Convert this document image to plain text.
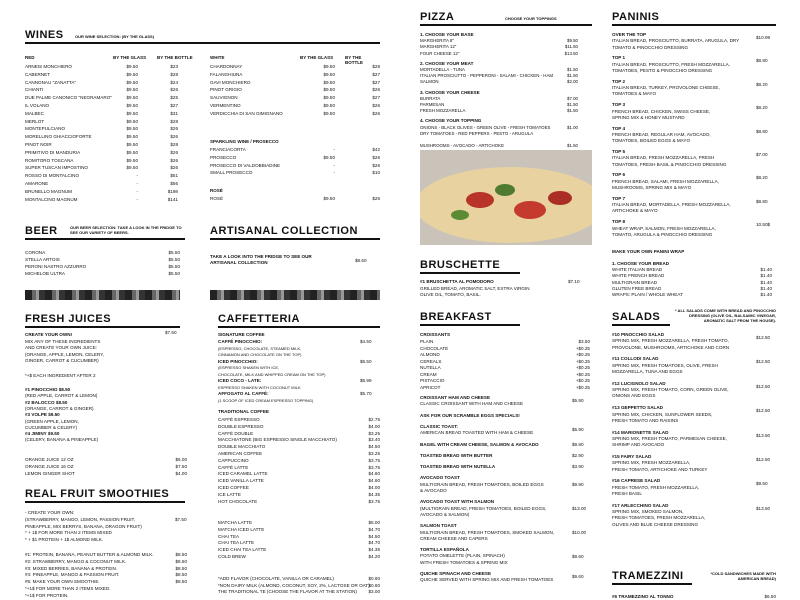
WINES	OUR WINE SELECTION: (BY THE GLASS)
RED	BY THE GLASS BY THE BOTTLE	WHITE	BY THE GLASS	BY THE BOTTLE
ARNEIS MONCHIERO	$9.50	$23
CABERNET	$9.50	$28
CANNONAU "ZANATTA"	$9.50	$24
CHIANTI	$9.50	$26
DUE PALME CANONICO "NEGRAMARO"	$9.50	$25
IL VOLANO	$9.50	$27
MALBEC	$9.50	$31
MERLOT	$9.50	$28
MONTEPULCIANO	$9.50	$26
MORELLINO GHIACCIOFORTE	$9.50	$26
PINOT NOIR	$9.50	$28
PRIMITIVO DI MANDURIA	$9.50	$26
ROMITORO TOSCANA	$9.50	$26
SUPER TUSCAN IMPOSTINO	$9.50	$26
ROSSO DI MONTALCINO	-	$51
AMARONE	-	$56
BRUNELLO MAGNUM	-	$198
MONTALCINO MAGNUM	-	$141
CHARDONNAY	$9.50	$28
FALANGHIUNA	$9.50	$27
GAVI MONCHIERO	$9.50	$27
PINOT GRIGIO	$9.50	$26
SAUVIGNON	$9.50	$27
VERMENTINO	$9.50	$26
VERDICCHIA DI SAN GIMIGNANO	$9.50	$26
SPARKLING WINE / PROSECCO
FRANCIACORTA	-	$42
PROSECCO	$9.50	$26
PROSECCO DI VALDOBBIADINE	-	$26
SMALL PROSECCO	-	$10
ROSÉ
ROSÉ	$9.50	$26
BEER	OUR BEER SELECTION: TAKE A LOOK IN THE FRIDGE TO SEE OUR VARIETY OF BEERS.
CORONA	$5.50
STELLA ARTOIS	$5.50
PERONI NASTRO AZZURRO	$5.50
MICHELOB ULTRA	$5.50
ARTISANAL COLLECTION
TAKE A LOOK INTO THE FRIDGE TO SEE OUR ARTISANAL COLLECTION	$8.50
FRESH JUICES
CREATE YOUR OWN!	$7.50
MIX ANY OF THESE INGREDIENTS
AND CREATE YOUR OWN JUICE:
(ORANGE, APPLE, LEMON, CELERY,
GINGER, CARROT & CUCUMBER)
*+$ EACH INGREDIENT AFTER 2
#1 PINOCCHIO $8.50
(RED APPLE, CARROT & LEMON)
#2 BALOCCO $8.50
(ORANGE, CARROT & GINGER)
#3 VOLPE $9.50
(GREEN APPLE, LEMON,
CUCUMBER & CELERY)
#4 JIMINY $9.50
(CELERY, BANANA & PINEAPPLE)
ORANGE JUICE 12 OZ	$6.00
ORANGE JUICE 16 OZ	$7.50
LEMON GINGER SHOT	$4.00
REAL FRUIT SMOOTHIES
- CREATE YOUR OWN:
$7.50
(STRAWBERRY, MANGO, LEMON, PASSION FRUIT,
PINEAPPLE, MIX BERRYS, BANANA, DRAGON FRUIT)
* + 1$ FOR MORE THAN 2 ITEMS MIXED
* + $1 PROTEIN + 1$ ALMOND MILK.
#1: PROTEIN, BANANA, PEANUT BUTTER & ALMOND MILK.	$8.50
#2: STRAWBERRY, MANGO & COCONUT MILK.	$8.50
#3: MIXED BERRIES, BANANA & PROTEIN.	$8.50
#4: PINEAPPLE, MANGO & PASSION FRUIT.	$8.50
#5: MAKE YOUR OWN SMOOTHIE.	$8.50
*+1$ FOR MORE THAN 2 ITEMS MIXED.
*+1$ FOR PROTEIN.
CAFFETTERIA
SIGNATURE COFFEE
CAFFÉ PINOCCHIO:	$4.50
(ESPRESSO, CHOCOLATE, STEAMED MILK,
CINNAMON AND CHOCOLATE ON THE TOP)
ICED PINOCCHIO:	$6.50
(ESPRESSO SHAKEN WITH ICE,
CHOCOLATE, MILK AND WHIPPED CREAM ON THE TOP)
ICED COCO - LATE:	$5.99
ESPRESSO SHAKEN WITH COCONUT MILK
AFFOGATO AL CAFFÉ:	$5.70
(1 SCOOP OF ICED CREAM ESPRESSO TOPPING)
TRADITIONAL COFFEE
CAFFÉ ESPRESSO	$2.75
DOUBLE ESPRESSO	$4.00
CAFFÉ DOUBLE	$3.25
MACCHIATONE (BIG ESPRESSO SINGLE MACCHIATO)	$3.40
DOUBLE MACCHIATO	$4.50
AMERICAN COFFEE	$3.25
CAPPUCCINO	$3.75
CAFFÉ LATTE	$3.75
ICED CARAMEL LATTE	$4.60
ICED VANILLA LATTE	$4.60
ICED COFFEE	$4.00
ICE LATTE	$4.35
HOT CHOCOLATE	$3.75
MATCHA LATTE	$5.00
MATCHA ICED LATTE	$4.70
CHAI TEA	$4.50
CHAI TEA LATTE	$4.70
ICED CHAI TEA LATTE	$4.35
COLD BREW	$4.20
*ADD FLAVOR (CHOCOLATE, VANILLA OR CARAMEL)	$0.60
*NON DAIRY MILK (ALMOND, COCONUT, SOY, 2%, LACTOSE OR OAT)
$0.60
THE TRADITIONAL TE (CHOOSE THE FLAVOR AT THE STATION)	$3.00
PIZZA	CHOOSE YOUR TOPPINGS
1. CHOOSE YOUR BASE
MARGHERITA 8"	$9.50
MARGHERITA 12"	$11.50
FOUR CHEESE 12"	$13.50
2. CHOOSE YOUR MEAT
MORTADELLA - TUNA	$1.50
ITALIAN PROSCIUTTO - PEPPERONI - SALAMI - CHICKEN - HAM	$1.50
SALMON	$2.00
3. CHOOSE YOUR CHEESE
BURRATA	$7.00
PARMESAN	$1.50
FRESH MOZZARELLA	$1.50
4. CHOOSE YOUR TOPPING
ONIONS - BLACK OLIVES - GREEN OLIVE - FRESH TOMATOES	$1.00
DRY TOMATOES - RED PEPPERS - PESTO - ARUGULA
MUSHROOMS - AVOCADO - ARTICHOKE	$1.50
BRUSCHETTE
#1 BRUSCHETTA AL POMODORO	$7.10
GRILLED BREAD, AROMATIC SALT, EXTRA VIRGIN
OLIVE OIL, TOMATO, BASIL.
BREAKFAST
CROISSANTS
PLAIN	$3.50
CHOCOLATE	+$0.25
ALMOND	+$0.25
CEREALS	+$0.25
NUTELLA	+$0.25
CREAM	+$0.25
PISTACCIO	+$0.25
APRICOT	+$0.25
CROISSANT HAM AND CHEESE
CLASSIC CROISSANT WITH HAM AND CHEESE
$5.90
ASK FOR OUR SCRAMBLE EGGS SPECIALS!
CLASSIC TOAST:
AMERICAN BREAD TOASTED WITH HAM & CHEESE
$5.90
BAGEL WITH CREAM CHEESE, SALMON & AVOCADO	$9.80
TOASTED BREAD WITH BUTTER	$2.90
TOASTED BREAD WITH NUTELLA	$3.90
AVOCADO TOAST
MULTIGRAIN BREAD, FRESH TOMATOES, BOILED EGGS
& AVOCADO
$9.90
AVOCADO TOAST WITH SALMON
(MULTIGRAIN BREAD, FRESH TOMATOES, BOILED EGGS,
AVOCADO & SALMON)
$13.00
SALMON TOAST
MULTIGRAIN BREAD, FRESH TOMATOES, SMOKED SALMON,
CREAM CHEESE AND CAPERS
$10.00
TORTILLA ESPAÑOLA
POTATO OMELETTE (PLAIN, SPINACH)
WITH FRESH TOMATOES & SPRING MIX
$9.60
QUICHE SPINACH AND CHEESE
QUICHE SERVED WITH SPRING MIX AND FRESH TOMATOES
$9.60
PANINIS
OVER THE TOP
ITALIAN BREAD, PROSCIUTTO, BURRATA, ARUGULA, DRY
TOMATO & PINOCCHIO DRESSING
$10.99
TOP 1
ITALIAN BREAD, PROSCIUTTO, FRESH MOZZARELLA,
TOMATOES, PESTO & PINOCCHIO DRESSING
$8.80
TOP 2
ITALIAN BREAD, TURKEY, PROVOLONE CHEESE,
TOMATOES & MAYO
$8.20
TOP 3
FRENCH BREAD, CHICKEN, SWISS CHEESE,
SPRING MIX & HONEY MUSTARD
$8.20
TOP 4
FRENCH BREAD, REGULAR HAM, AVOCADO,
TOMATOES, BOILED EGGS & MAYO
$8.80
TOP 5
ITALIAN BREAD, FRESH MOZZARELLA, FRESH
TOMATOES, FRESH BASIL & PINOCCHIO DRESSING
$7.00
TOP 6
FRENCH BREAD, SALAMI, FRESH MOZZARELLA,
MUSHROOMS, SPRING MIX & MAYO
$8.20
TOP 7
ITALIAN BREAD, MORTADELLA, FRESH MOZZARELLA,
ARTICHOKE & MAYO
$8.80
TOP 8
WHEAT WRAP, SALMON, FRESH MOZZARELLA,
TOMATO, ARUGULA & PINOCCHIO DRESSING
10.50$
MAKE YOUR OWN PANINI WRAP
1. CHOOSE YOUR BREAD
WHITE ITALIAN BREAD	$1.40
WHITE FRENCH BREAD	$1.40
MULTIGRAIN BREAD	$1.40
GLUTEN FREE BREAD	$1.40
WRAPS: PLAIN / WHOLE WHEAT	$1.40
SALADS
* ALL SALADS COME WITH BREAD AND PINOCCHIO DRESSING (OLIVE OIL, BALSAMIC VINEGAR, AROMATIC SALT FROM THE HOUSE).
#10 PINOCCHIO SALAD
SPRING MIX, FRESH MOZZARELLA, FRESH TOMATO,
PROVOLONE, MUSHROOMS, ARTICHOKE AND CORN
$12.50
#11 COLLODI SALAD
SPRING MIX, FRESH TOMATOES, OLIVE, FRESH
MOZZARELLA, TUNA AND EGGS
$12.50
#12 LUCIGNOLO SALAD
SPRING MIX, FRESH TOMATO, CORN, GREEN OLIVE,
ONIONS AND EGGS
$12.50
#13 GEPPETTO SALAD
SPRING MIX, CHICKEN, SUNFLOWER SEEDS,
FRESH TOMATO AND RAISINS
$12.50
#14 MARIONETTE SALAD
SPRING MIX, FRESH TOMATO, PARMESAN CHEESE,
SHRIMP AND AVOCADO
$13.50
#15 FAIRY SALAD
SPRING MIX, FRESH MOZZARELLA,
FRESH TOMATO, ARTICHOKE AND TURKEY
$12.50
#16 CAPRESE SALAD
FRESH TOMATO, FRESH MOZZARELLA,
FRESH BASIL
$9.50
#17 ARLECCHINO SALAD
SPRING MIX, SMOKED SALMON,
FRESH TOMATOES, FRESH MOZZARELLA,
OLIVES AND BLUE CHEESE DRESSING
$13.50
TRAMEZZINI	*COLD SANDWICHES MADE WITH AMERICAN BREAD)
#6 TRAMEZZINO AL TONNO	$6.50
